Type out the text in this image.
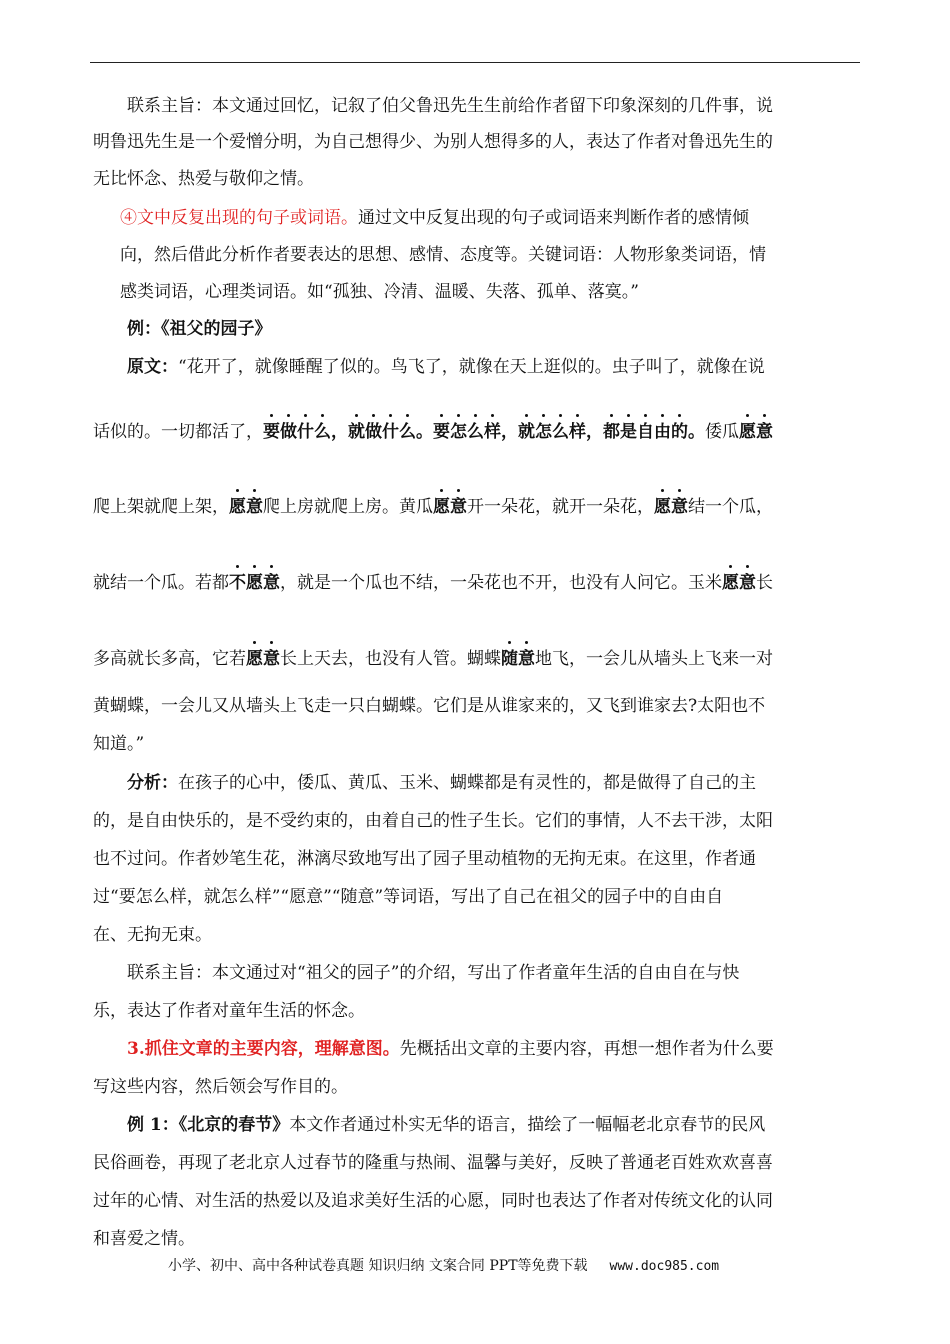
联系主旨：本文通过回忆，记叙了伯父鲁迅先生生前给作者留下印象深刻的几件事，说
明鲁迅先生是一个爱憎分明，为自己想得少、为别人想得多的人，表达了作者对鲁迅先生的
无比怀念、热爱与敬仰之情。
④文中反复出现的句子或词语。通过文中反复出现的句子或词语来判断作者的感情倾
向，然后借此分析作者要表达的思想、感情、态度等。关键词语：人物形象类词语，情
感类词语，心理类词语。如“孤独、冷清、温暖、失落、孤单、落寞。”
例：《祖父的园子》
原文：“花开了，就像睡醒了似的。鸟飞了，就像在天上逛似的。虫子叫了，就像在说
话似的。一切都活了，要做什么，就做什么。要怎么样，就怎么样，都是自由的。倭瓜愿意
爬上架就爬上架，愿意爬上房就爬上房。黄瓜愿意开一朵花，就开一朵花，愿意结一个瓜，
就结一个瓜。若都不愿意，就是一个瓜也不结，一朵花也不开，也没有人问它。玉米愿意长
多高就长多高，它若愿意长上天去，也没有人管。蝴蝶随意地飞，一会儿从墙头上飞来一对
黄蝴蝶，一会儿又从墙头上飞走一只白蝴蝶。它们是从谁家来的，又飞到谁家去?太阳也不
知道。”
分析：在孩子的心中，倭瓜、黄瓜、玉米、蝴蝶都是有灵性的，都是做得了自己的主
的，是自由快乐的，是不受约束的，由着自己的性子生长。它们的事情，人不去干涉，太阳
也不过问。作者妙笔生花，淋漓尽致地写出了园子里动植物的无拘无束。在这里，作者通
过“要怎么样，就怎么样”“愿意”“随意”等词语，写出了自己在祖父的园子中的自由自
在、无拘无束。
联系主旨：本文通过对“祖父的园子”的介绍，写出了作者童年生活的自由自在与快
乐，表达了作者对童年生活的怀念。
3.抓住文章的主要内容，理解意图。先概括出文章的主要内容，再想一想作者为什么要
写这些内容，然后领会写作目的。
例 1：《北京的春节》本文作者通过朴实无华的语言，描绘了一幅幅老北京春节的民风
民俗画卷，再现了老北京人过春节的隆重与热闹、温馨与美好，反映了普通老百姓欢欢喜喜
过年的心情、对生活的热爱以及追求美好生活的心愿，同时也表达了作者对传统文化的认同
和喜爱之情。
小学、初中、高中各种试卷真题 知识归纳 文案合同 PPT等免费下载 www.doc985.com
